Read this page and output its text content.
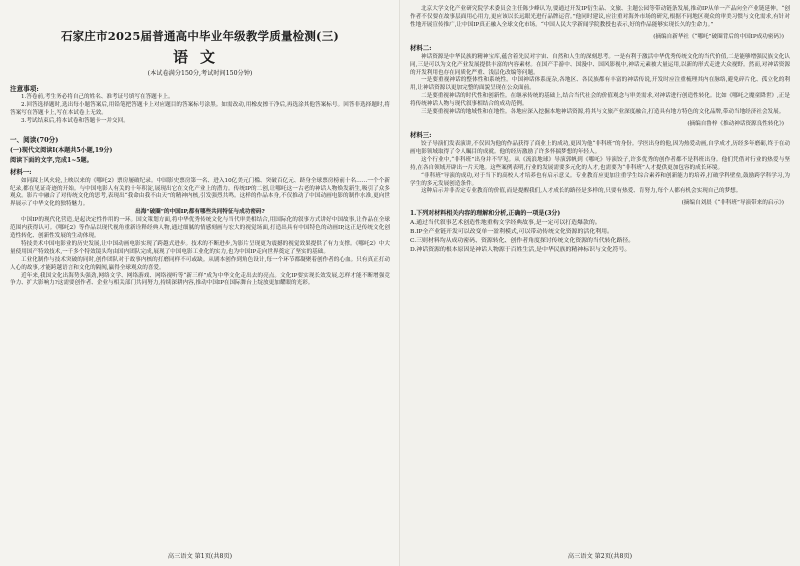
石家庄市2025届普通高中毕业年级教学质量检测(三)

语文

(本试卷满分150分,考试时间150分钟)

注意事项:

1.答卷前,考生务必将自己的姓名、准考证号填写在答题卡上。

2.回答选择题时,选出每小题答案后,用铅笔把答题卡上对应题目的答案标号涂黑。如需改动,用橡皮擦干净后,再选涂其他答案标号。回答非选择题时,将答案写在答题卡上,写在本试卷上无效。

3.考试结束后,将本试卷和答题卡一并交回。

一、阅读(70分)

(一)现代文阅读Ⅰ(本题共5小题,19分)

阅读下面的文字,完成1~5题。

材料一:

如同踩上风火轮,上映以来的《哪吒2》票房屡破纪录。中国影史票房第一名、进入10亿美元门槛、突破百亿元、跻身全球票房榜前十名……一个个新纪录,都在见证奇迹的开始。与中国电影人有关的十年积淀,展现出它在文化产业上的潜力。传统IP的二创,让哪吒这一古老的神话人物焕发新生,吸引了众多观众。影片中融合了对传统文化的思考,表现出“我命由我不由天”的精神内核,引发强烈共鸣。这样的作品本身,不仅推动了中国动画电影的制作水准,更向世界展示了中华文化的独特魅力。

出海“破圈”的中国IP,都有哪些共同特征与成功密码?

中国IP的现代化营造,是起决定性作用的一环。国文策划方面,将中华优秀传统文化与当代审美相结合,用国际化的叙事方式讲好中国故事,让作品在全球范围内获得认可。《哪吒2》等作品以现代视角重新诠释经典人物,通过细腻的情感刻画与宏大的视觉场面,打造出具有中国特色的动画IP,这正是传统文化创造性转化、创新性发展的生动体现。

特技美术中国电影业的历史发展,让中国动画电影实现了跨越式进步。技术的不断进步,为影片呈现更为震撼的视觉效果提供了有力支撑。《哪吒2》中大量使用国产特效技术,一千多个特效镜头均由国内团队完成,展现了中国电影工业化的实力,也为中国IP走向世界奠定了坚实的基础。

工业化制作与技术突破的同时,创作团队对于故事内核的打磨同样不可或缺。从剧本创作到角色设计,每一个环节都凝聚着创作者的心血。只有真正打动人心的故事,才能跨越语言和文化的隔阂,赢得全球观众的喜爱。

近年来,我国文化出海势头强劲,网络文学、网络游戏、网络视听等“新三样”成为中华文化走出去的亮点。文化IP要实现长效发展,怎样才能不断增强竞争力、扩大影响力?这需要创作者、企业与相关部门共同努力,持续深耕内容,推动中国IP在国际舞台上绽放更加耀眼的光彩。

高三语文 第1页(共8页)

北京大学文化产业研究院学术委员会主任陈少峰认为,要通过开发IP衍生品、文旅、主题公园等带动链条发展,推动IP从单一产品向全产业链延伸。“创作者不仅要在故事层面用心用力,更应该以长远眼光进行品牌运营。”他同时建议,应注重对海外市场的研究,根据不同地区观众的审美习惯与文化需求,有针对性地开展宣传推广,让中国IP真正融入全球文化市场。“中国人民大学新闻学院教授也表示,好的作品能够实现长久的生命力。”

(摘编自新华社《“哪吒”破圈背后的中国IP成功密码》)

材料二:

神话资源是中华民族的精神宝库,蕴含着先民对宇宙、自然和人生的深刻思考。一是有利于激活中华优秀传统文化的当代价值,二是能够增强民族文化认同,三是可以为文化产业发展提供丰富的内容素材。在国产手游中、国漫中、国风影视中,神话元素被大量运用,以新的形式走进大众视野。然而,对神话资源的开发利用也存在同质化严重、浅层化改编等问题。

一是要重视神话的整体性和系统性。中国神话体系庞杂,各地区、各民族都有丰富的神话传说,开发时应注重梳理其内在脉络,避免碎片化、孤立化的利用,让神话资源以更加完整的面貌呈现在公众面前。

二是要重视神话的时代性和创新性。在继承传统的基础上,结合当代社会的价值观念与审美需求,对神话进行创造性转化。比如《哪吒之魔童降世》,正是将传统神话人物与现代叙事相结合的成功范例。

三是要重视神话的地域性和在地性。各地应深入挖掘本地神话资源,将其与文旅产业深度融合,打造具有地方特色的文化品牌,带动当地经济社会发展。

(摘编自鲁梓《推动神话资源良性转化》)

材料三:

饺子导演们发表演讲,不仅因为他的作品获得了商业上的成功,更因为他“非科班”的身份。学医出身的他,因为热爱动画,自学成才,历经多年磨砺,终于在动画电影领域取得了令人瞩目的成就。他的经历激励了许多怀揣梦想的年轻人。

这个行业中,“非科班”出身并不罕见。从《流浪地球》导演郭帆到《哪吒》导演饺子,许多优秀的创作者都不是科班出身。他们凭借对行业的热爱与坚持,在各自领域开辟出一片天地。这些案例表明,行业的发展需要多元化的人才,也需要为“非科班”人才提供更加包容的成长环境。

“非科班”导演的成功,对于当下的高校人才培养也有启示意义。专业教育应更加注重学生综合素养和创新能力的培养,打破学科壁垒,鼓励跨学科学习,为学生的多元发展创造条件。

这种启示并非否定专业教育的价值,而是提醒我们,人才成长的路径是多样的,只要有热爱、肯努力,每个人都有机会实现自己的梦想。

(摘编自刘晨《“非科班”导演带来的启示》)

1.下列对材料相关内容的理解和分析,正确的一项是(3分)

A.通过当代叙事艺术创造性地重构文学经典故事,是一定可以打造爆款的。

B.IP全产业链开发可以改变单一盈利模式,可以带动传统文化资源的活化利用。

C.三则材料均从成功密码、资源转化、创作者角度探讨传统文化资源的当代转化路径。

D.神话资源的根本原因是神话人物源于百姓生活,是中华民族的精神标识与文化符号。

高三语文 第2页(共8页)
